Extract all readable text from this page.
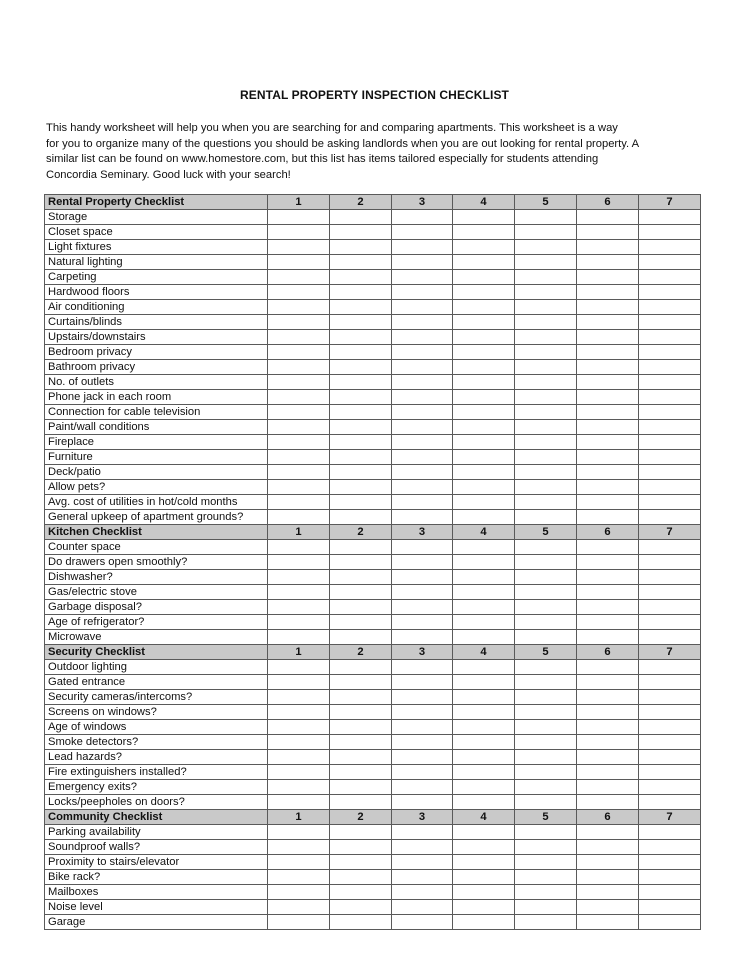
RENTAL PROPERTY INSPECTION CHECKLIST
This handy worksheet will help you when you are searching for and comparing apartments. This worksheet is a way
for you to organize many of the questions you should be asking landlords when you are out looking for rental property. A
similar list can be found on www.homestore.com, but this list has items tailored especially for students attending
Concordia Seminary. Good luck with your search!
Rental Property Checklist	1	2	3	4	5	6	7
Storage							
Closet space							
Light fixtures							
Natural lighting							
Carpeting							
Hardwood floors							
Air conditioning							
Curtains/blinds							
Upstairs/downstairs							
Bedroom privacy							
Bathroom privacy							
No. of outlets							
Phone jack in each room							
Connection for cable television							
Paint/wall conditions							
Fireplace							
Furniture							
Deck/patio							
Allow pets?							
Avg. cost of utilities in hot/cold months							
General upkeep of apartment grounds?							
Kitchen Checklist	1	2	3	4	5	6	7
Counter space							
Do drawers open smoothly?							
Dishwasher?							
Gas/electric stove							
Garbage disposal?							
Age of refrigerator?							
Microwave							
Security Checklist	1	2	3	4	5	6	7
Outdoor lighting							
Gated entrance							
Security cameras/intercoms?							
Screens on windows?							
Age of windows							
Smoke detectors?							
Lead hazards?							
Fire extinguishers installed?							
Emergency exits?							
Locks/peepholes on doors?							
Community Checklist	1	2	3	4	5	6	7
Parking availability							
Soundproof walls?							
Proximity to stairs/elevator							
Bike rack?							
Mailboxes							
Noise level							
Garage							
